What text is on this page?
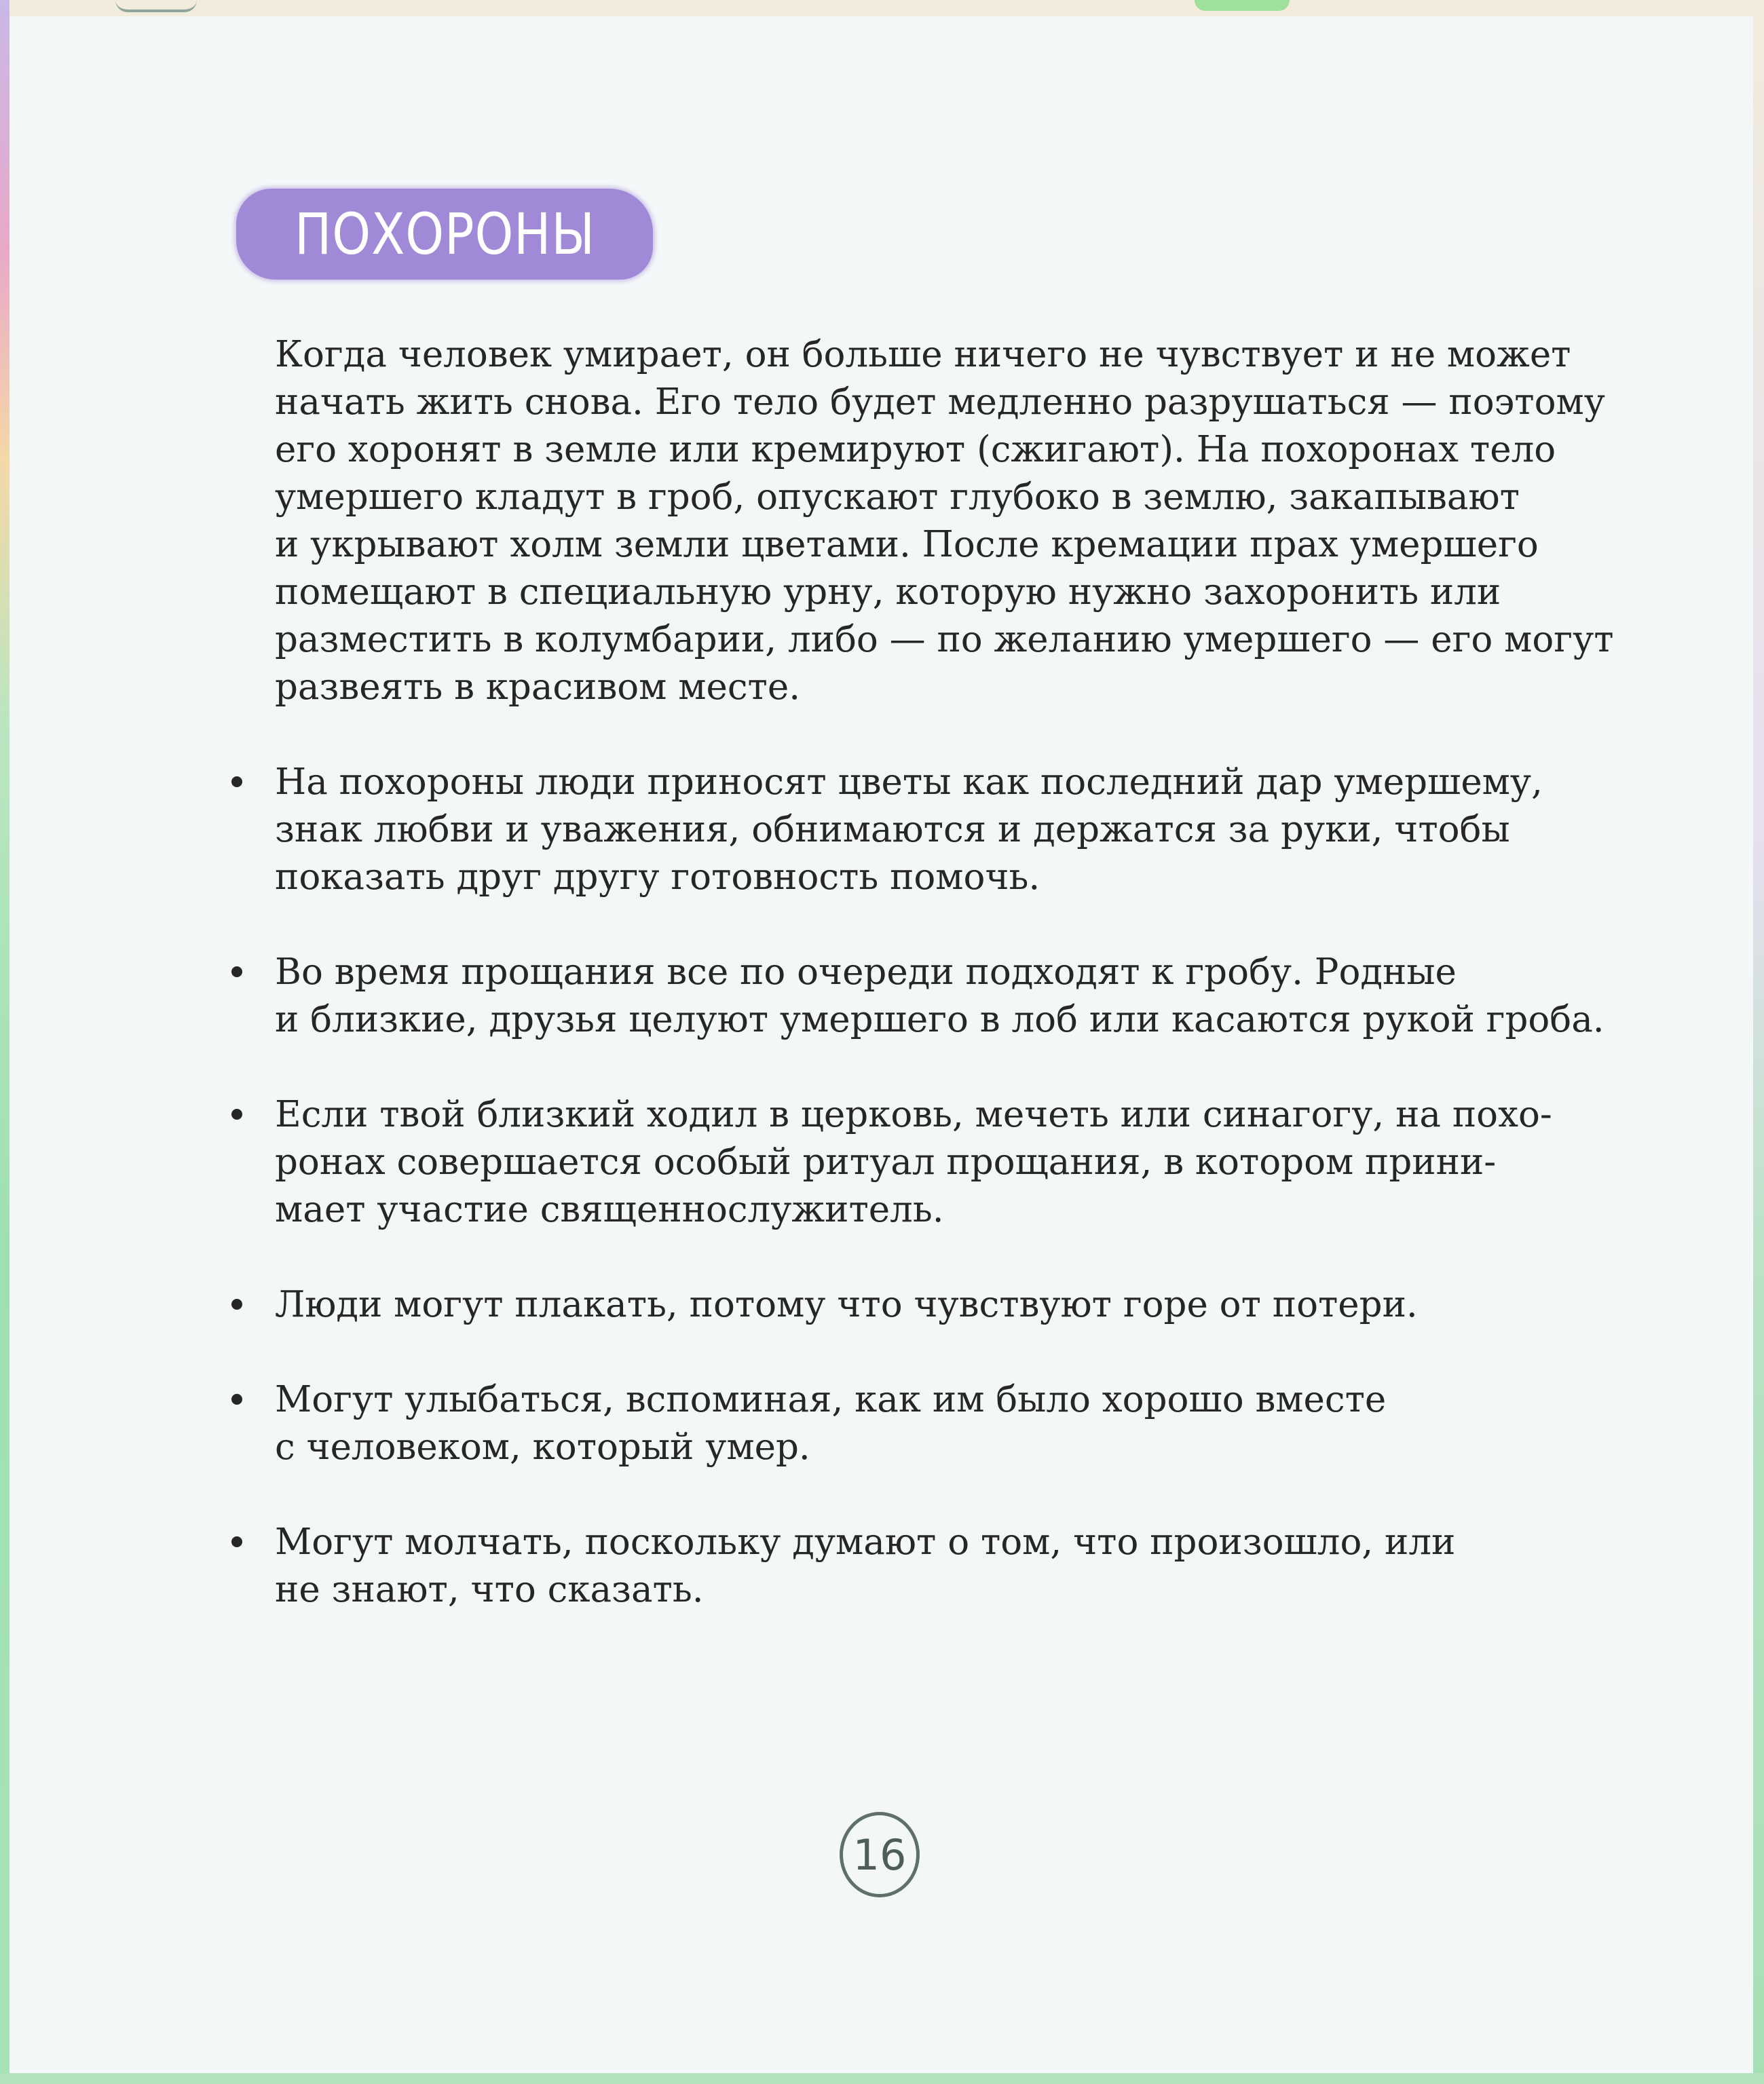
ПОХОРОНЫ

Когда человек умирает, он больше ничего не чувствует и не может
начать жить снова. Его тело будет медленно разрушаться — поэтому
его хоронят в земле или кремируют (сжигают). На похоронах тело
умершего кладут в гроб, опускают глубоко в землю, закапывают
и укрывают холм земли цветами. После кремации прах умершего
помещают в специальную урну, которую нужно захоронить или
разместить в колумбарии, либо — по желанию умершего — его могут
развеять в красивом месте.

На похороны люди приносят цветы как последний дар умершему,
знак любви и уважения, обнимаются и держатся за руки, чтобы
показать друг другу готовность помочь.
Во время прощания все по очереди подходят к гробу. Родные
и близкие, друзья целуют умершего в лоб или касаются рукой гроба.
Если твой близкий ходил в церковь, мечеть или синагогу, на похо-
ронах совершается особый ритуал прощания, в котором прини-
мает участие священнослужитель.
Люди могут плакать, потому что чувствуют горе от потери.
Могут улыбаться, вспоминая, как им было хорошо вместе
с человеком, который умер.
Могут молчать, поскольку думают о том, что произошло, или
не знают, что сказать.
16
